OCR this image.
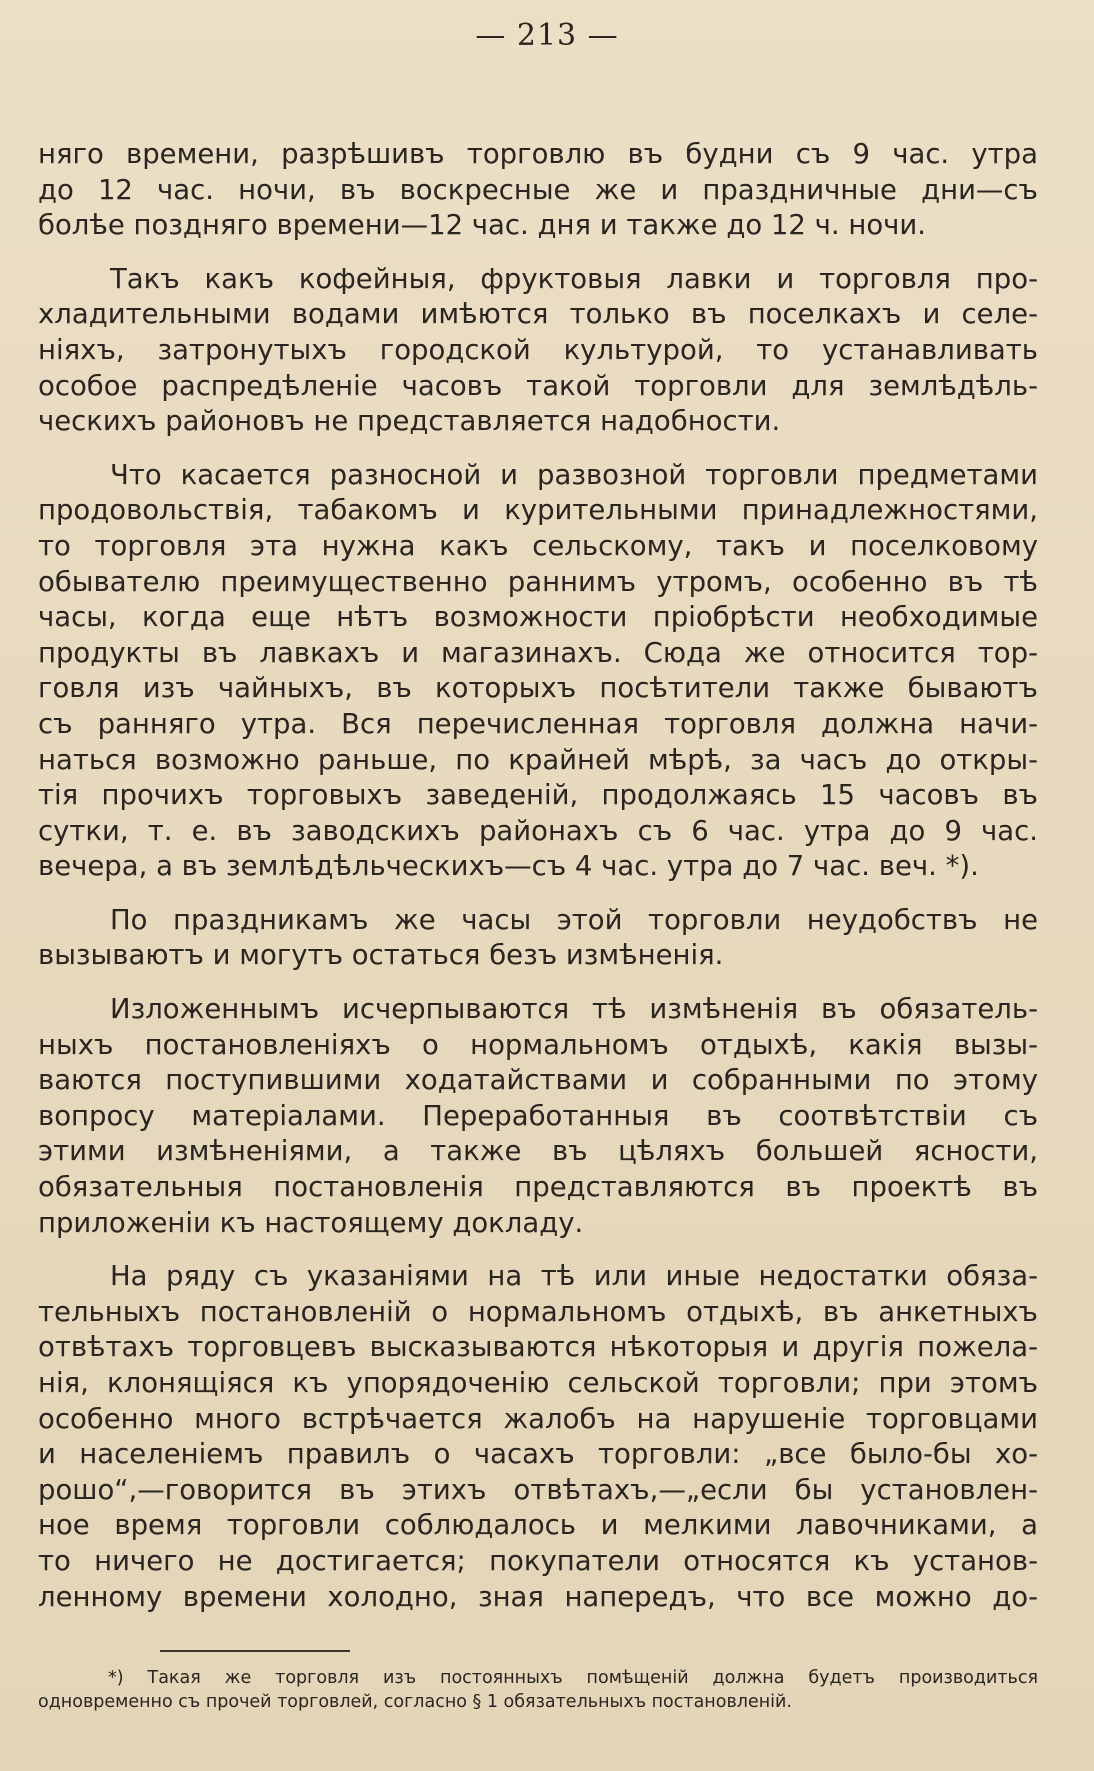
— 213 —
няго времени, разрѣшивъ торговлю въ будни съ 9 час. утра
до 12 час. ночи, въ воскресные же и праздничные дни—съ
болѣе поздняго времени—12 час. дня и также до 12 ч. ночи.
Такъ какъ кофейныя, фруктовыя лавки и торговля про-
хладительными водами имѣются только въ поселкахъ и селе-
ніяхъ, затронутыхъ городской культурой, то устанавливать
особое распредѣленіе часовъ такой торговли для землѣдѣль-
ческихъ районовъ не представляется надобности.
Что касается разносной и развозной торговли предметами
продовольствія, табакомъ и курительными принадлежностями,
то торговля эта нужна какъ сельскому, такъ и поселковому
обывателю преимущественно раннимъ утромъ, особенно въ тѣ
часы, когда еще нѣтъ возможности пріобрѣсти необходимые
продукты въ лавкахъ и магазинахъ. Сюда же относится тор-
говля изъ чайныхъ, въ которыхъ посѣтители также бываютъ
съ ранняго утра. Вся перечисленная торговля должна начи-
наться возможно раньше, по крайней мѣрѣ, за часъ до откры-
тія прочихъ торговыхъ заведеній, продолжаясь 15 часовъ въ
сутки, т. е. въ заводскихъ районахъ съ 6 час. утра до 9 час.
вечера, а въ землѣдѣльческихъ—съ 4 час. утра до 7 час. веч. *).
По праздникамъ же часы этой торговли неудобствъ не
вызываютъ и могутъ остаться безъ измѣненія.
Изложеннымъ исчерпываются тѣ измѣненія въ обязатель-
ныхъ постановленіяхъ о нормальномъ отдыхѣ, какія вызы-
ваются поступившими ходатайствами и собранными по этому
вопросу матеріалами. Переработанныя въ соотвѣтствіи съ
этими измѣненіями, а также въ цѣляхъ большей ясности,
обязательныя постановленія представляются въ проектѣ въ
приложеніи къ настоящему докладу.
На ряду съ указаніями на тѣ или иные недостатки обяза-
тельныхъ постановленій о нормальномъ отдыхѣ, въ анкетныхъ
отвѣтахъ торговцевъ высказываются нѣкоторыя и другія пожела-
нія, клонящіяся къ упорядоченію сельской торговли; при этомъ
особенно много встрѣчается жалобъ на нарушеніе торговцами
и населеніемъ правилъ о часахъ торговли: „все было-бы хо-
рошо“,—говорится въ этихъ отвѣтахъ,—„если бы установлен-
ное время торговли соблюдалось и мелкими лавочниками, а
то ничего не достигается; покупатели относятся къ установ-
ленному времени холодно, зная напередъ, что все можно до-
*) Такая же торговля изъ постоянныхъ помѣщеній должна будетъ производиться
одновременно съ прочей торговлей, согласно § 1 обязательныхъ постановленій.
